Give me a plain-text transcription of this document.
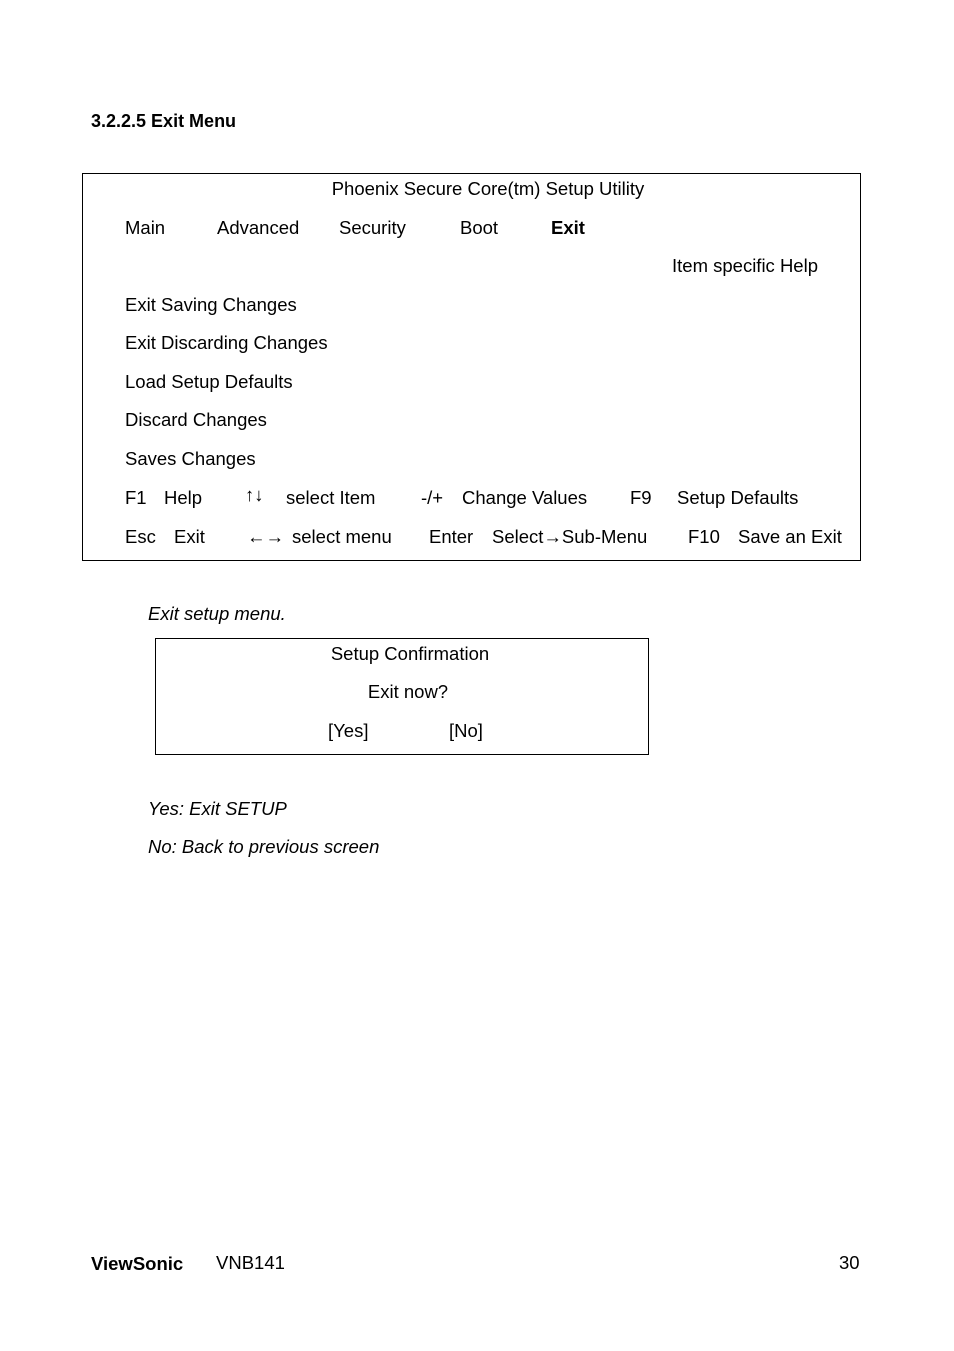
3.2.2.5 Exit Menu
Phoenix Secure Core(tm) Setup Utility
Main	Advanced Security	Boot	Exit
Item specific Help
Exit Saving Changes
Exit Discarding Changes
Load Setup Defaults
Discard Changes
Saves Changes
F1 Help ↑↓ select Item -/+ Change Values F9 Setup Defaults
Esc Exit ←→ select menu Enter Select→Sub-Menu F10 Save an Exit
Exit setup menu.
Setup Confirmation
Exit now?
[Yes]	[No]
Yes: Exit SETUP
No: Back to previous screen
ViewSonic VNB141	30
